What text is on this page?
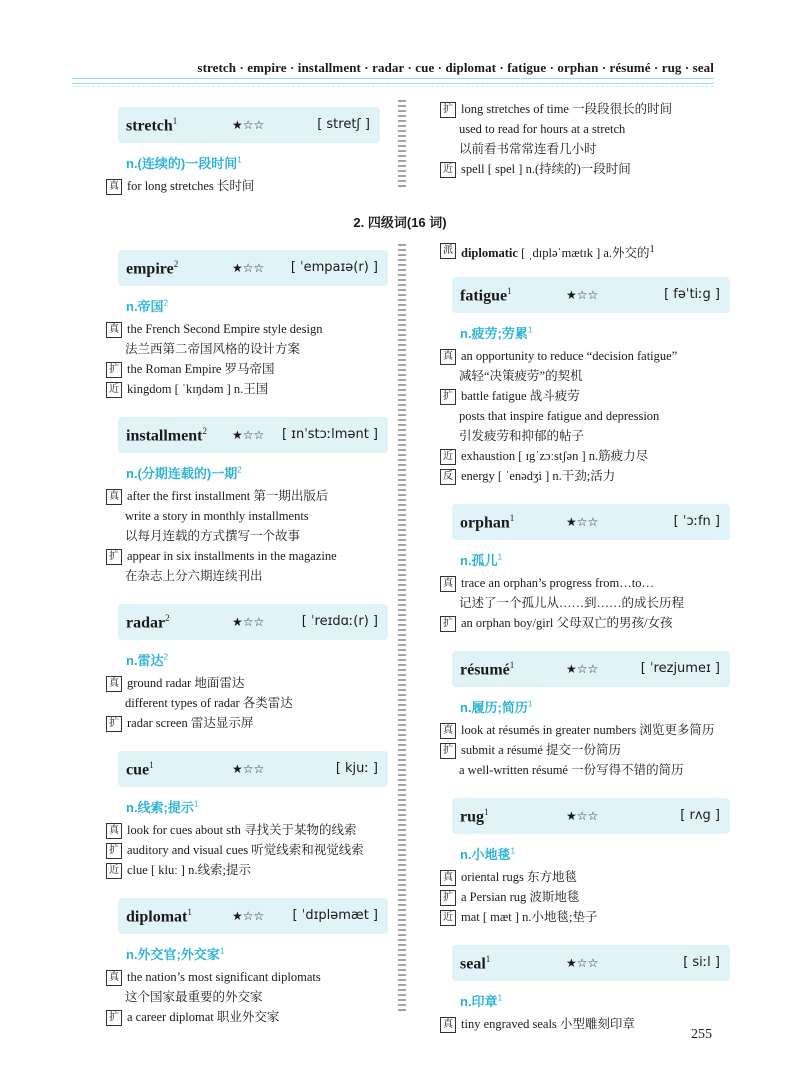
stretch · empire · installment · radar · cue · diplomat · fatigue · orphan · résumé · rug · seal
stretch$^1$	★☆☆	[ stretʃ ]
n.(连续的)一段时间$^1$
真 for long stretches 长时间
扩 long stretches of time 一段段很长的时间
used to read for hours at a stretch
以前看书常常连看几小时
近 spell [ spel ] n.(持续的)一段时间
2. 四级词(16 词)
empire$^2$	★☆☆ [ ˈempaɪə(r) ]
n.帝国$^2$
真 the French Second Empire style design
法兰西第二帝国风格的设计方案
扩 the Roman Empire 罗马帝国
近 kingdom [ ˈkɪŋdəm ] n.王国
installment$^2$ ★☆☆ [ ɪnˈstɔːlmənt ]
n.(分期连载的)一期$^2$
真 after the first installment 第一期出版后
write a story in monthly installments
以每月连载的方式撰写一个故事
扩 appear in six installments in the magazine
在杂志上分六期连续刊出
radar$^2$	★☆☆	[ ˈreɪdɑː(r) ]
n.雷达$^2$
真 ground radar 地面雷达
different types of radar 各类雷达
扩 radar screen 雷达显示屏
cue$^1$	★☆☆	[ kjuː ]
n.线索;提示$^1$
真 look for cues about sth 寻找关于某物的线索
扩 auditory and visual cues 听觉线索和视觉线索
近 clue [ kluː ] n.线索;提示
diplomat$^1$	★☆☆ [ ˈdɪpləmæt ]
n.外交官;外交家$^1$
真 the nation’s most significant diplomats
这个国家最重要的外交家
扩 a career diplomat 职业外交家
派 diplomatic [ ˌdɪpləˈmætɪk ] a.外交的$^1$
fatigue$^1$	★☆☆	[ fəˈtiːg ]
n.疲劳;劳累$^1$
真 an opportunity to reduce “decision fatigue”
减轻“决策疲劳”的契机
扩 battle fatigue 战斗疲劳
posts that inspire fatigue and depression
引发疲劳和抑郁的帖子
近 exhaustion [ ɪgˈzɔːstʃən ] n.筋疲力尽
反 energy [ ˈenədʒi ] n.干劲;活力
orphan$^1$	★☆☆	[ ˈɔːfn ]
n.孤儿$^1$
真 trace an orphan’s progress from…to…
记述了一个孤儿从……到……的成长历程
扩 an orphan boy/girl 父母双亡的男孩/女孩
résumé$^1$	★☆☆	[ ˈrezjumeɪ ]
n.履历;简历$^1$
真 look at résumés in greater numbers 浏览更多简历
扩 submit a résumé 提交一份简历
a well-written résumé 一份写得不错的简历
rug$^1$	★☆☆	[ rʌg ]
n.小地毯$^1$
真 oriental rugs 东方地毯
扩 a Persian rug 波斯地毯
近 mat [ mæt ] n.小地毯;垫子
seal$^1$	★☆☆	[ siːl ]
n.印章$^1$
真 tiny engraved seals 小型雕刻印章
255
